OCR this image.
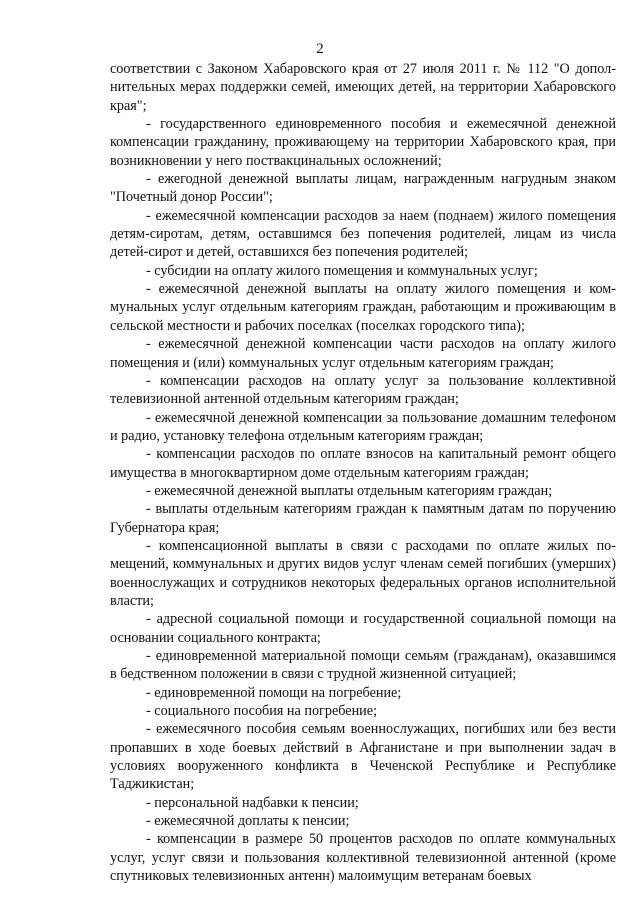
2

соответствии с Законом Хабаровского края от 27 июля 2011 г. № 112 "О дополнительных мерах поддержки семей, имеющих детей, на территории Хабаровского края";

- государственного единовременного пособия и ежемесячной денежной компенсации гражданину, проживающему на территории Хабаровского края, при возникновении у него поствакцинальных осложнений;

- ежегодной денежной выплаты лицам, награжденным нагрудным знаком "Почетный донор России";

- ежемесячной компенсации расходов за наем (поднаем) жилого помещения детям-сиротам, детям, оставшимся без попечения родителей, лицам из числа детей-сирот и детей, оставшихся без попечения родителей;

- субсидии на оплату жилого помещения и коммунальных услуг;

- ежемесячной денежной выплаты на оплату жилого помещения и коммунальных услуг отдельным категориям граждан, работающим и проживающим в сельской местности и рабочих поселках (поселках городского типа);

- ежемесячной денежной компенсации части расходов на оплату жилого помещения и (или) коммунальных услуг отдельным категориям граждан;

- компенсации расходов на оплату услуг за пользование коллективной телевизионной антенной отдельным категориям граждан;

- ежемесячной денежной компенсации за пользование домашним телефоном и радио, установку телефона отдельным категориям граждан;

- компенсации расходов по оплате взносов на капитальный ремонт общего имущества в многоквартирном доме отдельным категориям граждан;

- ежемесячной денежной выплаты отдельным категориям граждан;

- выплаты отдельным категориям граждан к памятным датам по поручению Губернатора края;

- компенсационной выплаты в связи с расходами по оплате жилых помещений, коммунальных и других видов услуг членам семей погибших (умерших) военнослужащих и сотрудников некоторых федеральных органов исполнительной власти;

- адресной социальной помощи и государственной социальной помощи на основании социального контракта;

- единовременной материальной помощи семьям (гражданам), оказавшимся в бедственном положении в связи с трудной жизненной ситуацией;

- единовременной помощи на погребение;

- социального пособия на погребение;

- ежемесячного пособия семьям военнослужащих, погибших или без вести пропавших в ходе боевых действий в Афганистане и при выполнении задач в условиях вооруженного конфликта в Чеченской Республике и Республике Таджикистан;

- персональной надбавки к пенсии;

- ежемесячной доплаты к пенсии;

- компенсации в размере 50 процентов расходов по оплате коммунальных услуг, услуг связи и пользования коллективной телевизионной антенной (кроме спутниковых телевизионных антенн) малоимущим ветеранам боевых
